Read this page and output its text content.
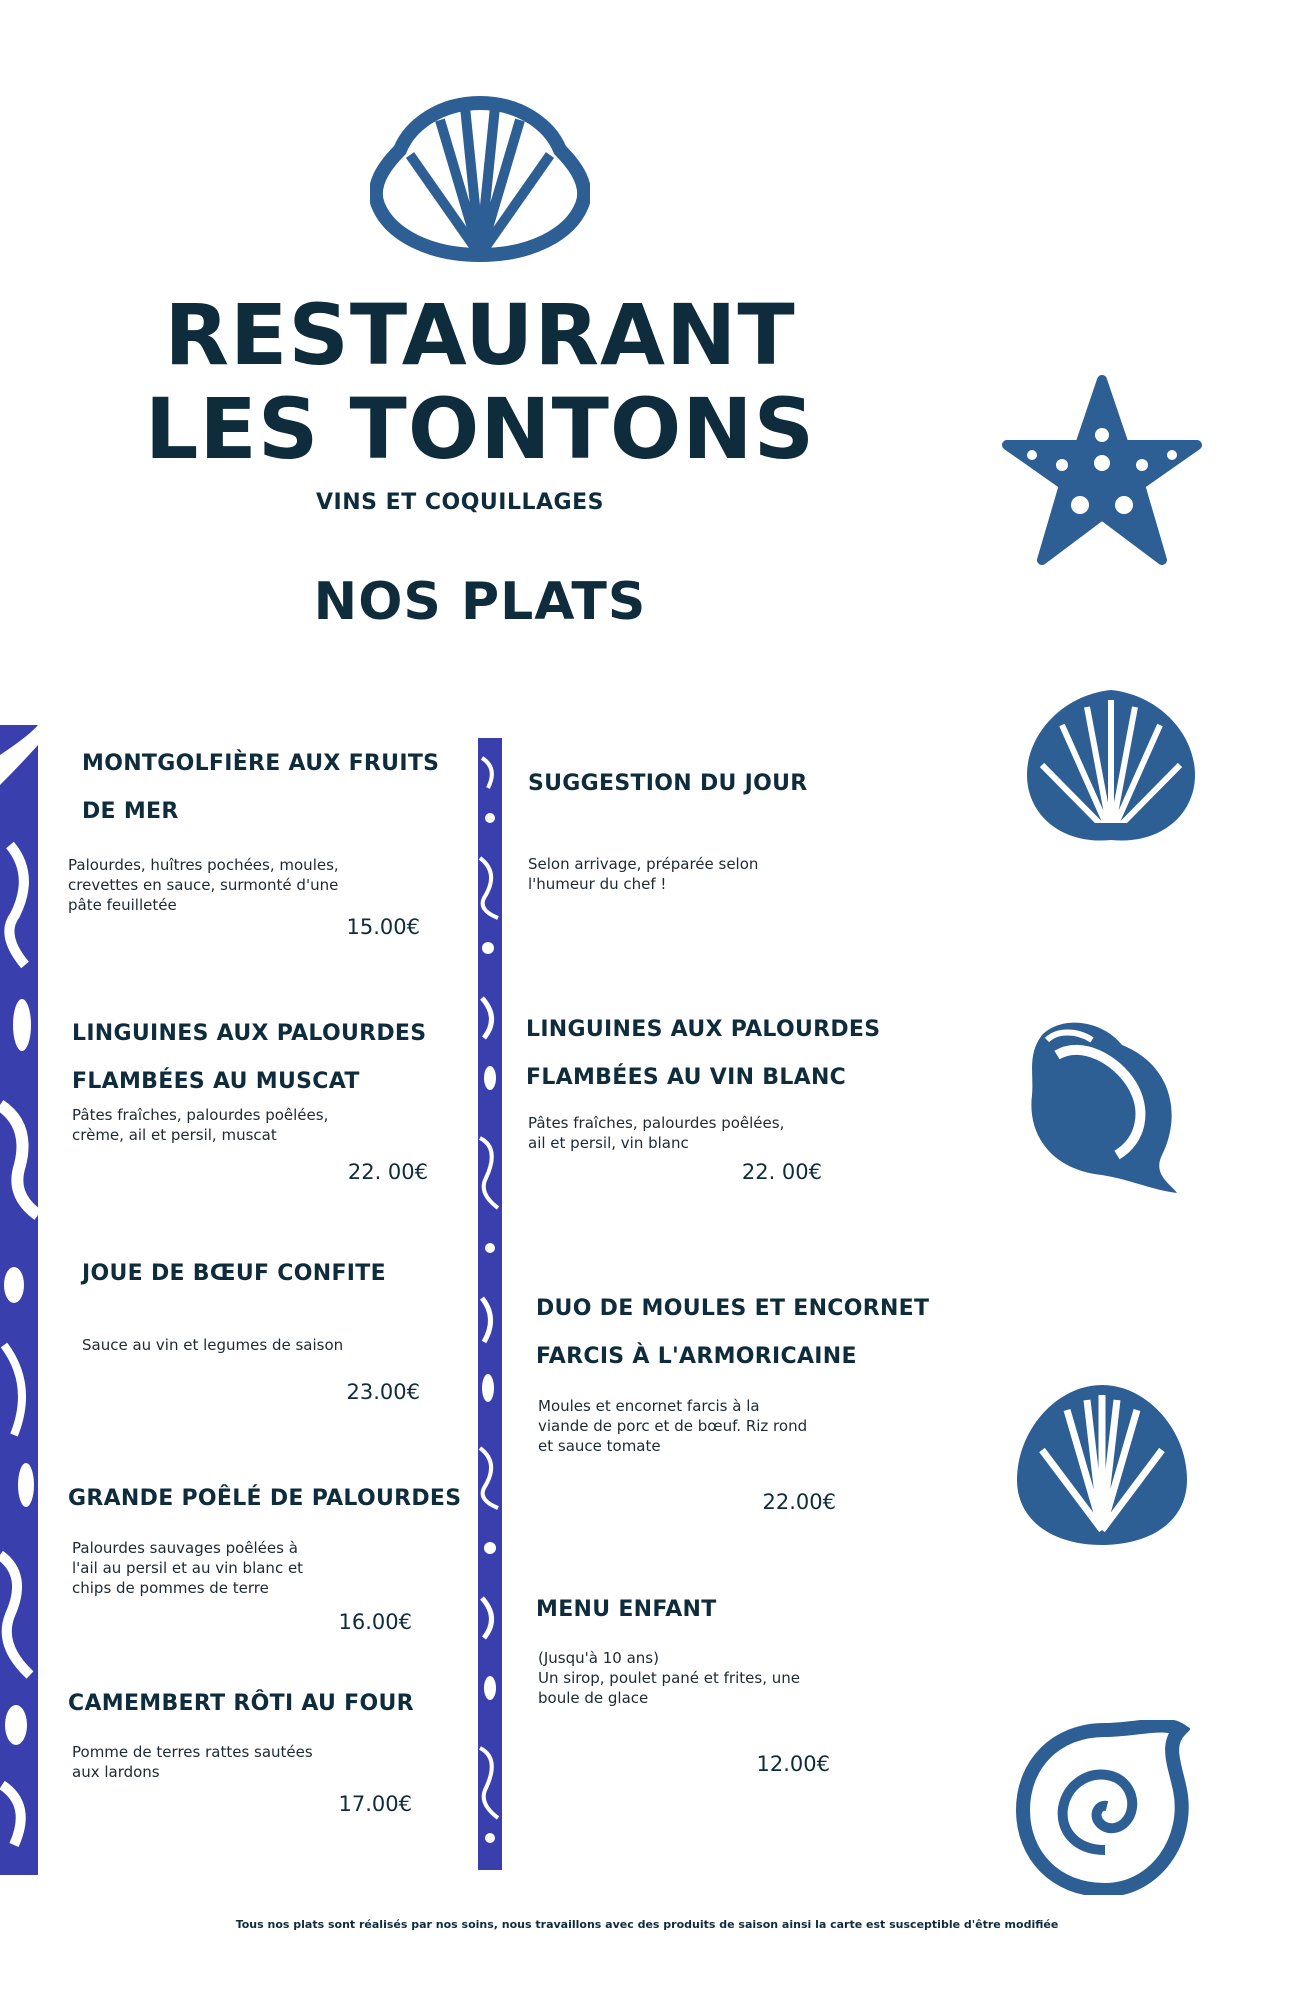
RESTAURANT
LES TONTONS
VINS ET COQUILLAGES
NOS PLATS
MONTGOLFIÈRE AUX FRUITS
DE MER
Palourdes, huîtres pochées, moules,
crevettes en sauce, surmonté d'une
pâte feuilletée
15.00€
LINGUINES AUX PALOURDES
FLAMBÉES AU MUSCAT
Pâtes fraîches, palourdes poêlées,
crème, ail et persil, muscat
22. 00€
JOUE DE BŒUF CONFITE
Sauce au vin et legumes de saison
23.00€
GRANDE POÊLÉ DE PALOURDES
Palourdes sauvages poêlées à
l'ail au persil et au vin blanc et
chips de pommes de terre
16.00€
CAMEMBERT RÔTI AU FOUR
Pomme de terres rattes sautées
aux lardons
17.00€
SUGGESTION DU JOUR
Selon arrivage, préparée selon
l'humeur du chef !
LINGUINES AUX PALOURDES
FLAMBÉES AU VIN BLANC
Pâtes fraîches, palourdes poêlées,
ail et persil, vin blanc
22. 00€
DUO DE MOULES ET ENCORNET
FARCIS À L'ARMORICAINE
Moules et encornet farcis à la
viande de porc et de bœuf. Riz rond
et sauce tomate
22.00€
MENU ENFANT
(Jusqu'à 10 ans)
Un sirop, poulet pané et frites, une
boule de glace
12.00€
Tous nos plats sont réalisés par nos soins, nous travaillons avec des produits de saison ainsi la carte est susceptible d'être modifiée
